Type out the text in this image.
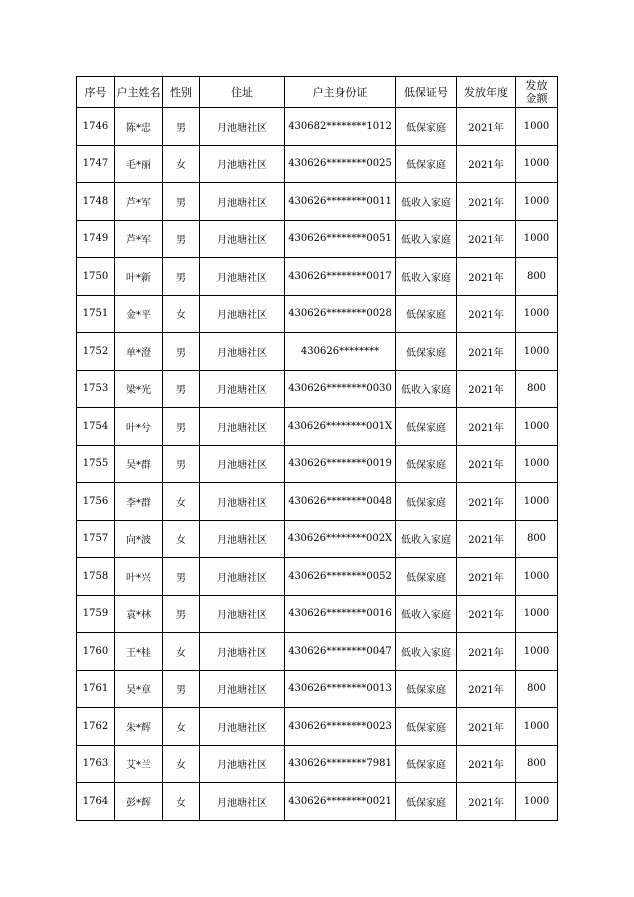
序号	户主姓名	性别	住址	户主身份证	低保证号	发放年度	发放金额
1746	陈*忠	男	月池塘社区	430682********1012	低保家庭	2021年	1000
1747	毛*丽	女	月池塘社区	430626********0025	低保家庭	2021年	1000
1748	芦*军	男	月池塘社区	430626********0011	低收入家庭	2021年	1000
1749	芦*军	男	月池塘社区	430626********0051	低收入家庭	2021年	1000
1750	叶*新	男	月池塘社区	430626********0017	低收入家庭	2021年	800
1751	金*平	女	月池塘社区	430626********0028	低保家庭	2021年	1000
1752	单*澄	男	月池塘社区	430626********	低保家庭	2021年	1000
1753	梁*光	男	月池塘社区	430626********0030	低收入家庭	2021年	800
1754	叶*兮	男	月池塘社区	430626********001X	低保家庭	2021年	1000
1755	吴*群	男	月池塘社区	430626********0019	低保家庭	2021年	1000
1756	李*群	女	月池塘社区	430626********0048	低保家庭	2021年	1000
1757	向*波	女	月池塘社区	430626********002X	低收入家庭	2021年	800
1758	叶*兴	男	月池塘社区	430626********0052	低保家庭	2021年	1000
1759	袁*林	男	月池塘社区	430626********0016	低收入家庭	2021年	1000
1760	王*桂	女	月池塘社区	430626********0047	低收入家庭	2021年	1000
1761	吴*章	男	月池塘社区	430626********0013	低保家庭	2021年	800
1762	朱*辉	女	月池塘社区	430626********0023	低保家庭	2021年	1000
1763	艾*兰	女	月池塘社区	430626********7981	低保家庭	2021年	800
1764	彭*辉	女	月池塘社区	430626********0021	低保家庭	2021年	1000
